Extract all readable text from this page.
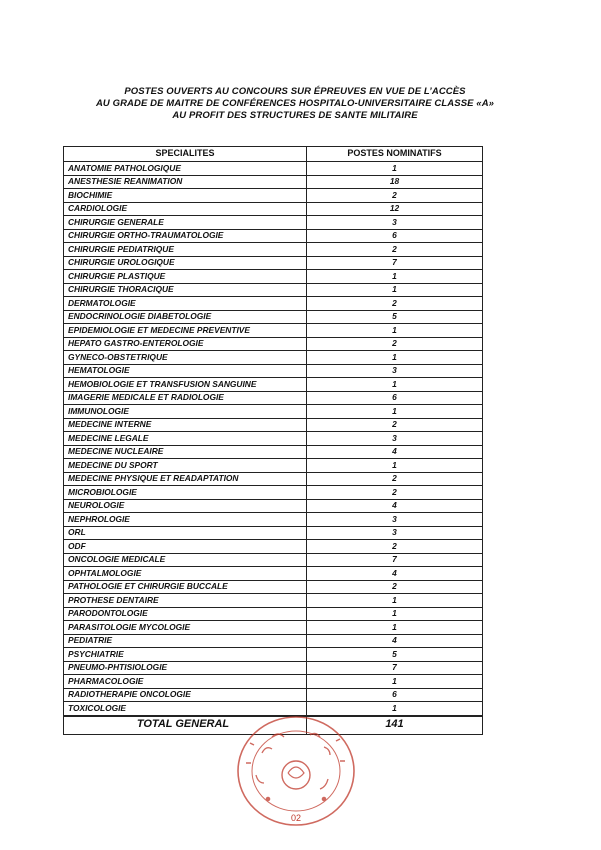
POSTES OUVERTS AU CONCOURS SUR ÉPREUVES EN VUE DE L’ACCÈS
AU GRADE DE MAITRE DE CONFÉRENCES HOSPITALO-UNIVERSITAIRE CLASSE «A»
AU PROFIT DES STRUCTURES DE SANTE MILITAIRE
SPECIALITES	POSTES NOMINATIFS
ANATOMIE PATHOLOGIQUE	1
ANESTHESIE REANIMATION	18
BIOCHIMIE	2
CARDIOLOGIE	12
CHIRURGIE GENERALE	3
CHIRURGIE ORTHO-TRAUMATOLOGIE	6
CHIRURGIE PEDIATRIQUE	2
CHIRURGIE UROLOGIQUE	7
CHIRURGIE PLASTIQUE	1
CHIRURGIE THORACIQUE	1
DERMATOLOGIE	2
ENDOCRINOLOGIE DIABETOLOGIE	5
EPIDEMIOLOGIE ET MEDECINE PREVENTIVE	1
HEPATO GASTRO-ENTEROLOGIE	2
GYNECO-OBSTETRIQUE	1
HEMATOLOGIE	3
HEMOBIOLOGIE ET TRANSFUSION SANGUINE	1
IMAGERIE MEDICALE ET RADIOLOGIE	6
IMMUNOLOGIE	1
MEDECINE INTERNE	2
MEDECINE LEGALE	3
MEDECINE NUCLEAIRE	4
MEDECINE DU SPORT	1
MEDECINE PHYSIQUE ET READAPTATION	2
MICROBIOLOGIE	2
NEUROLOGIE	4
NEPHROLOGIE	3
ORL	3
ODF	2
ONCOLOGIE MEDICALE	7
OPHTALMOLOGIE	4
PATHOLOGIE ET CHIRURGIE BUCCALE	2
PROTHESE DENTAIRE	1
PARODONTOLOGIE	1
PARASITOLOGIE MYCOLOGIE	1
PEDIATRIE	4
PSYCHIATRIE	5
PNEUMO-PHTISIOLOGIE	7
PHARMACOLOGIE	1
RADIOTHERAPIE ONCOLOGIE	6
TOXICOLOGIE	1
TOTAL GENERAL	141
02
